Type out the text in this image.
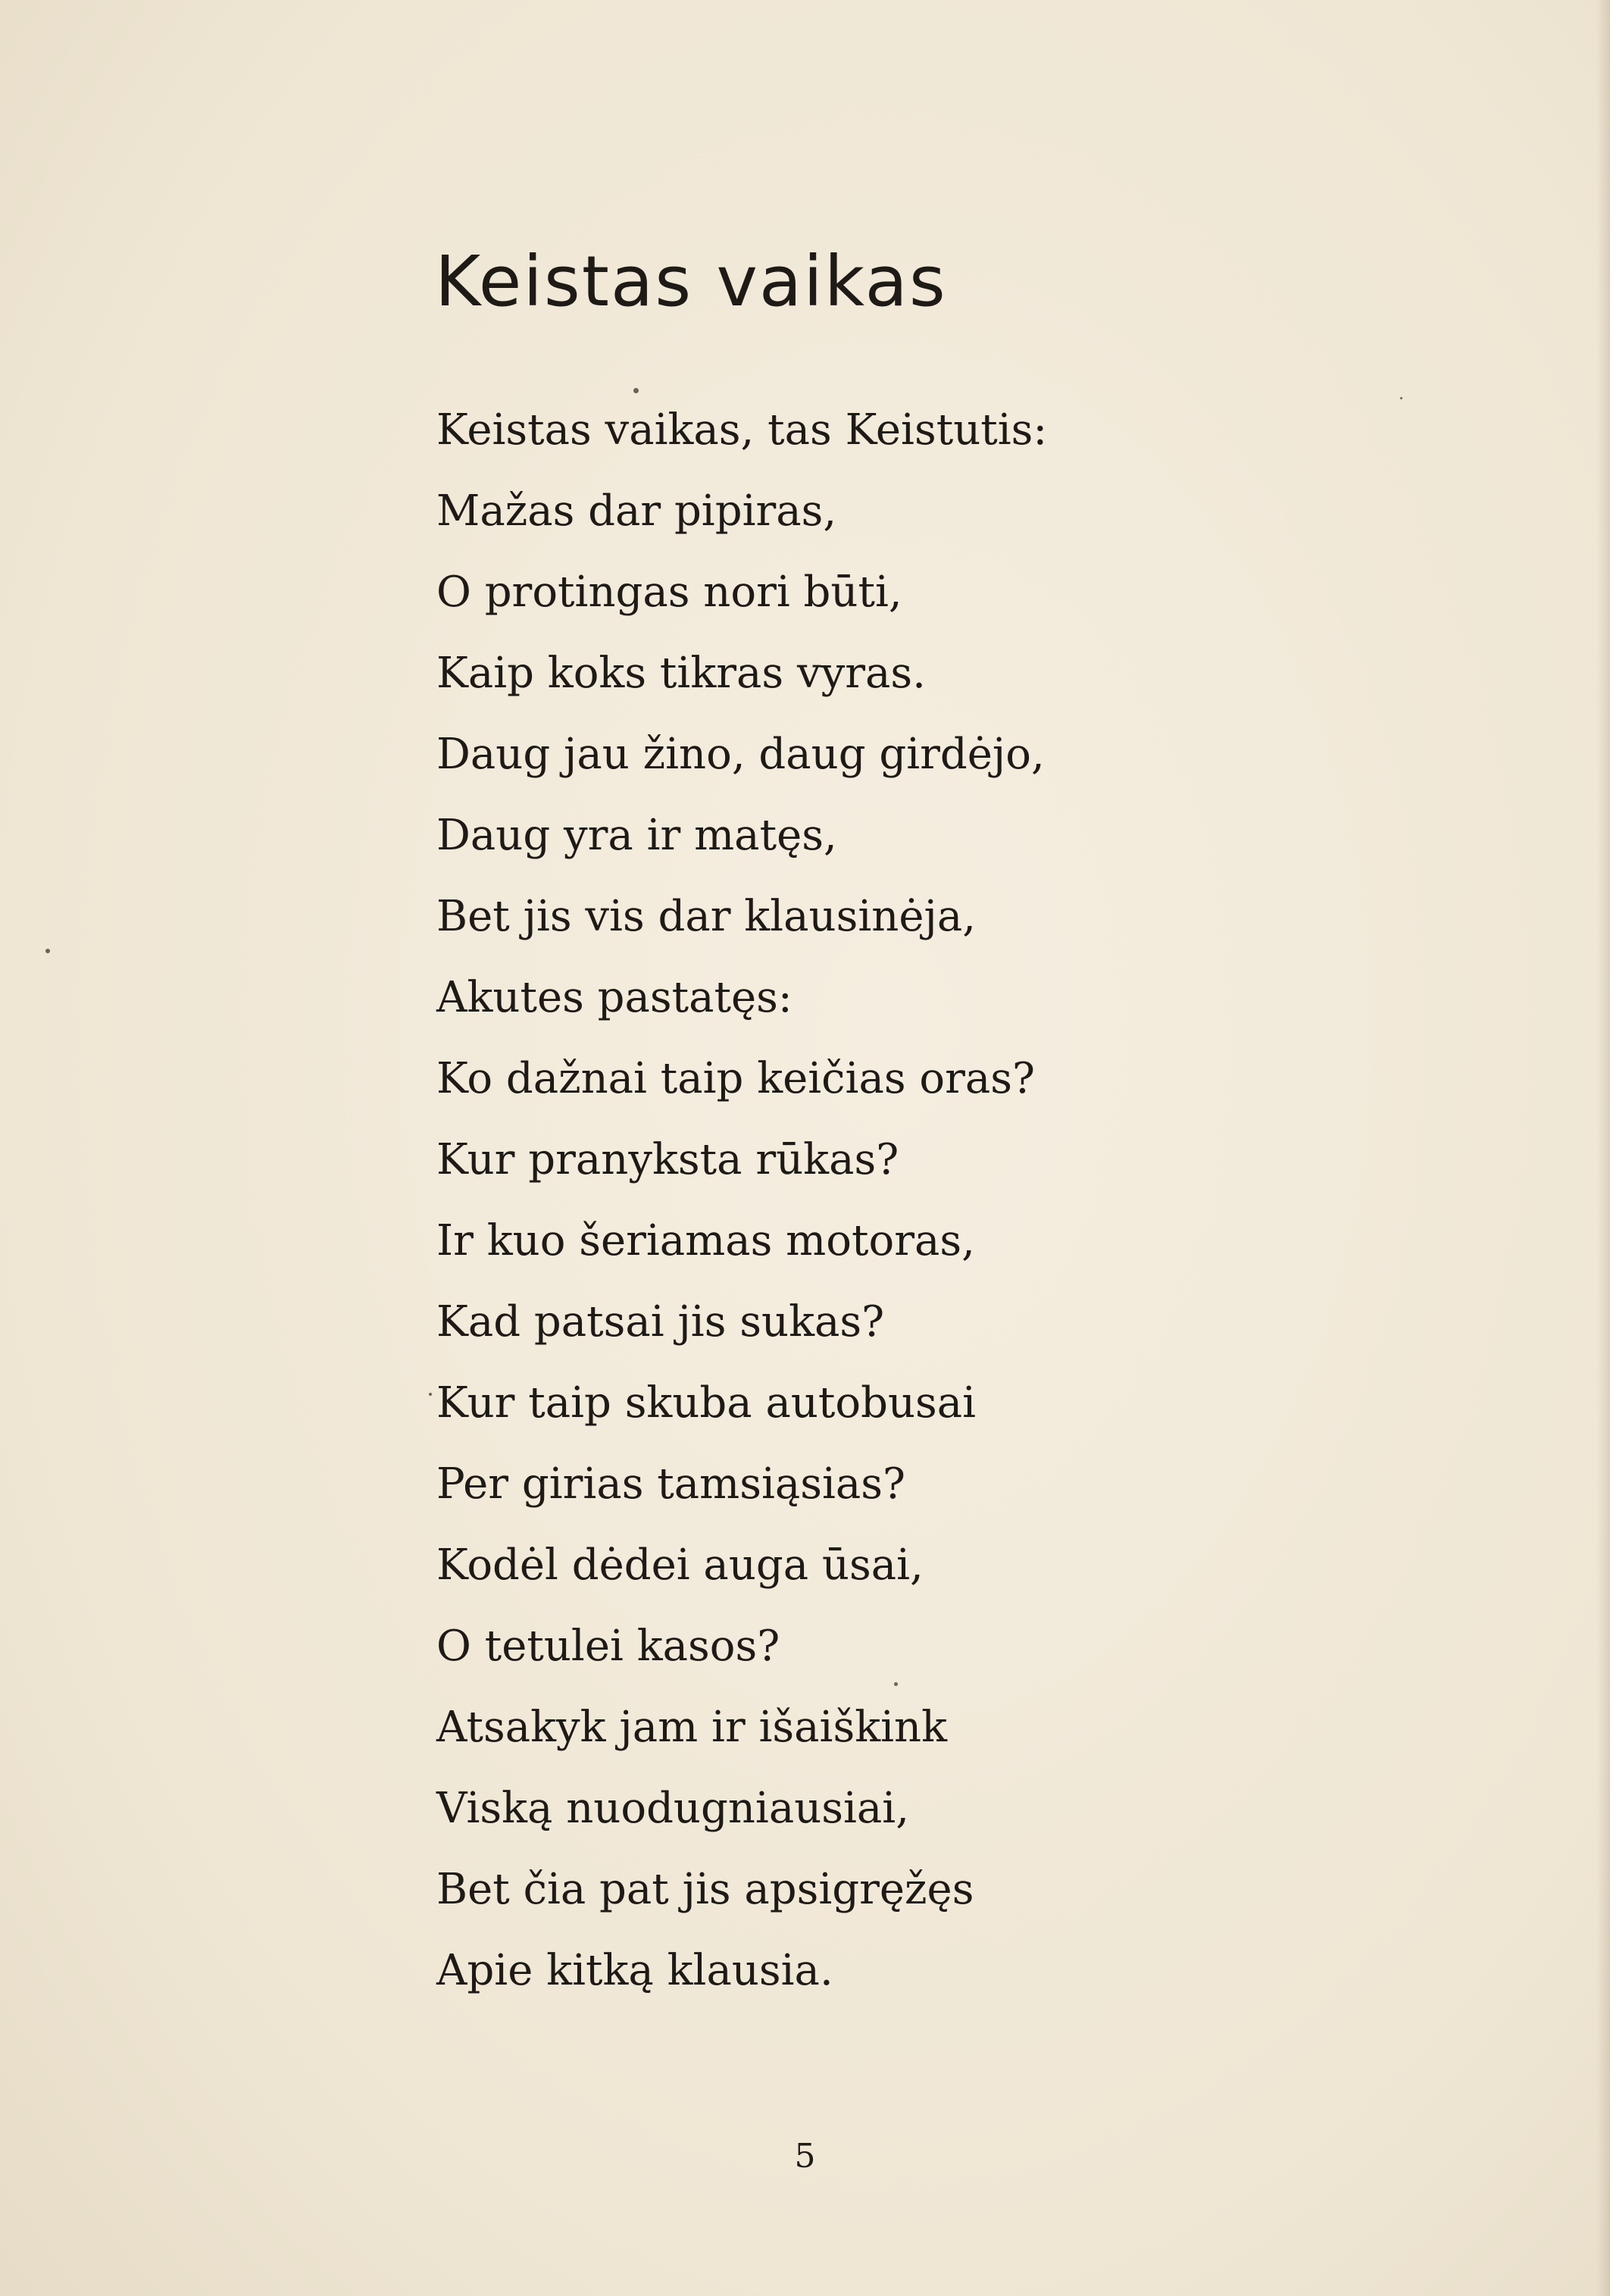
Keistas vaikas
Keistas vaikas, tas Keistutis:
Mažas dar pipiras,
O protingas nori būti,
Kaip koks tikras vyras.
Daug jau žino, daug girdėjo,
Daug yra ir matęs,
Bet jis vis dar klausinėja,
Akutes pastatęs:
Ko dažnai taip keičias oras?
Kur pranyksta rūkas?
Ir kuo šeriamas motoras,
Kad patsai jis sukas?
Kur taip skuba autobusai
Per girias tamsiąsias?
Kodėl dėdei auga ūsai,
O tetulei kasos?
Atsakyk jam ir išaiškink
Viską nuodugniausiai,
Bet čia pat jis apsigręžęs
Apie kitką klausia.
5
